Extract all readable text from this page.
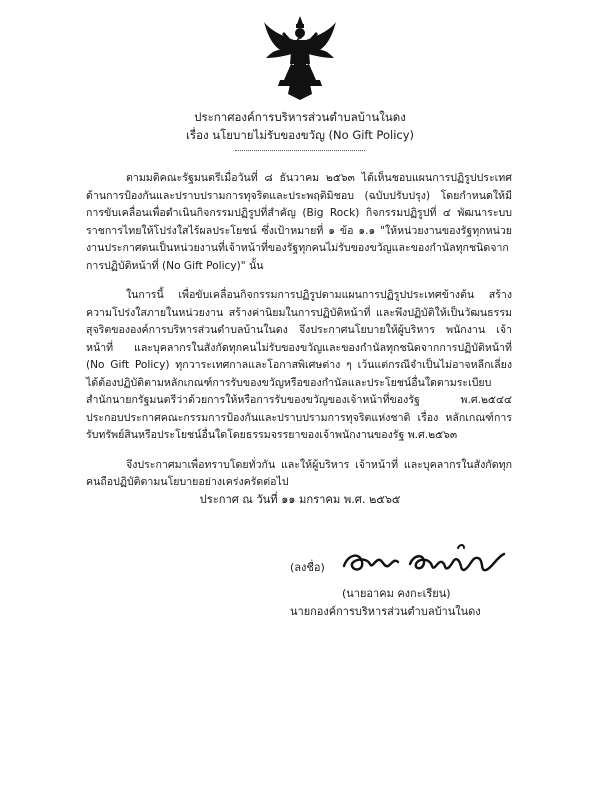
ประกาศองค์การบริหารส่วนตำบลบ้านในดง
เรื่อง นโยบายไม่รับของขวัญ (No Gift Policy)

ตามมติคณะรัฐมนตรีเมื่อวันที่ ๘ ธันวาคม ๒๕๖๓ ได้เห็นชอบแผนการปฏิรูปประเทศด้านการป้องกันและปราบปรามการทุจริตและประพฤติมิชอบ (ฉบับปรับปรุง) โดยกำหนดให้มีการขับเคลื่อนเพื่อดำเนินกิจกรรมปฏิรูปที่สำคัญ (Big Rock) กิจกรรมปฏิรูปที่ ๔ พัฒนาระบบราชการไทยให้โปร่งใสไร้ผลประโยชน์ ซึ่งเป้าหมายที่ ๑ ข้อ ๑.๑ "ให้หน่วยงานของรัฐทุกหน่วยงานประกาศตนเป็นหน่วยงานที่เจ้าหน้าที่ของรัฐทุกคนไม่รับของขวัญและของกำนัลทุกชนิดจากการปฏิบัติหน้าที่ (No Gift Policy)" นั้น

ในการนี้ เพื่อขับเคลื่อนกิจกรรมการปฏิรูปตามแผนการปฏิรูปประเทศข้างต้น สร้างความโปร่งใสภายในหน่วยงาน สร้างค่านิยมในการปฏิบัติหน้าที่ และพึงปฏิบัติให้เป็นวัฒนธรรมสุจริตขององค์การบริหารส่วนตำบลบ้านในดง จึงประกาศนโยบายให้ผู้บริหาร พนักงาน เจ้าหน้าที่ และบุคลากรในสังกัดทุกคนไม่รับของขวัญและของกำนัลทุกชนิดจากการปฏิบัติหน้าที่ (No Gift Policy) ทุกวาระเทศกาลและโอกาสพิเศษต่าง ๆ เว้นแต่กรณีจำเป็นไม่อาจหลีกเลี่ยงได้ต้องปฏิบัติตามหลักเกณฑ์การรับของขวัญหรือของกำนัลและประโยชน์อื่นใดตามระเบียบสำนักนายกรัฐมนตรีว่าด้วยการให้หรือการรับของขวัญของเจ้าหน้าที่ของรัฐ พ.ศ.๒๕๔๔ ประกอบประกาศคณะกรรมการป้องกันและปราบปรามการทุจริตแห่งชาติ เรื่อง หลักเกณฑ์การรับทรัพย์สินหรือประโยชน์อื่นใดโดยธรรมจรรยาของเจ้าพนักงานของรัฐ พ.ศ.๒๕๖๓

จึงประกาศมาเพื่อทราบโดยทั่วกัน และให้ผู้บริหาร เจ้าหน้าที่ และบุคลากรในสังกัดทุกคนถือปฏิบัติตามนโยบายอย่างเคร่งครัดต่อไป

ประกาศ ณ วันที่ ๑๑ มกราคม พ.ศ. ๒๕๖๕
(ลงชื่อ)
(นายอาคม คงกะเรียน)
นายกองค์การบริหารส่วนตำบลบ้านในดง
